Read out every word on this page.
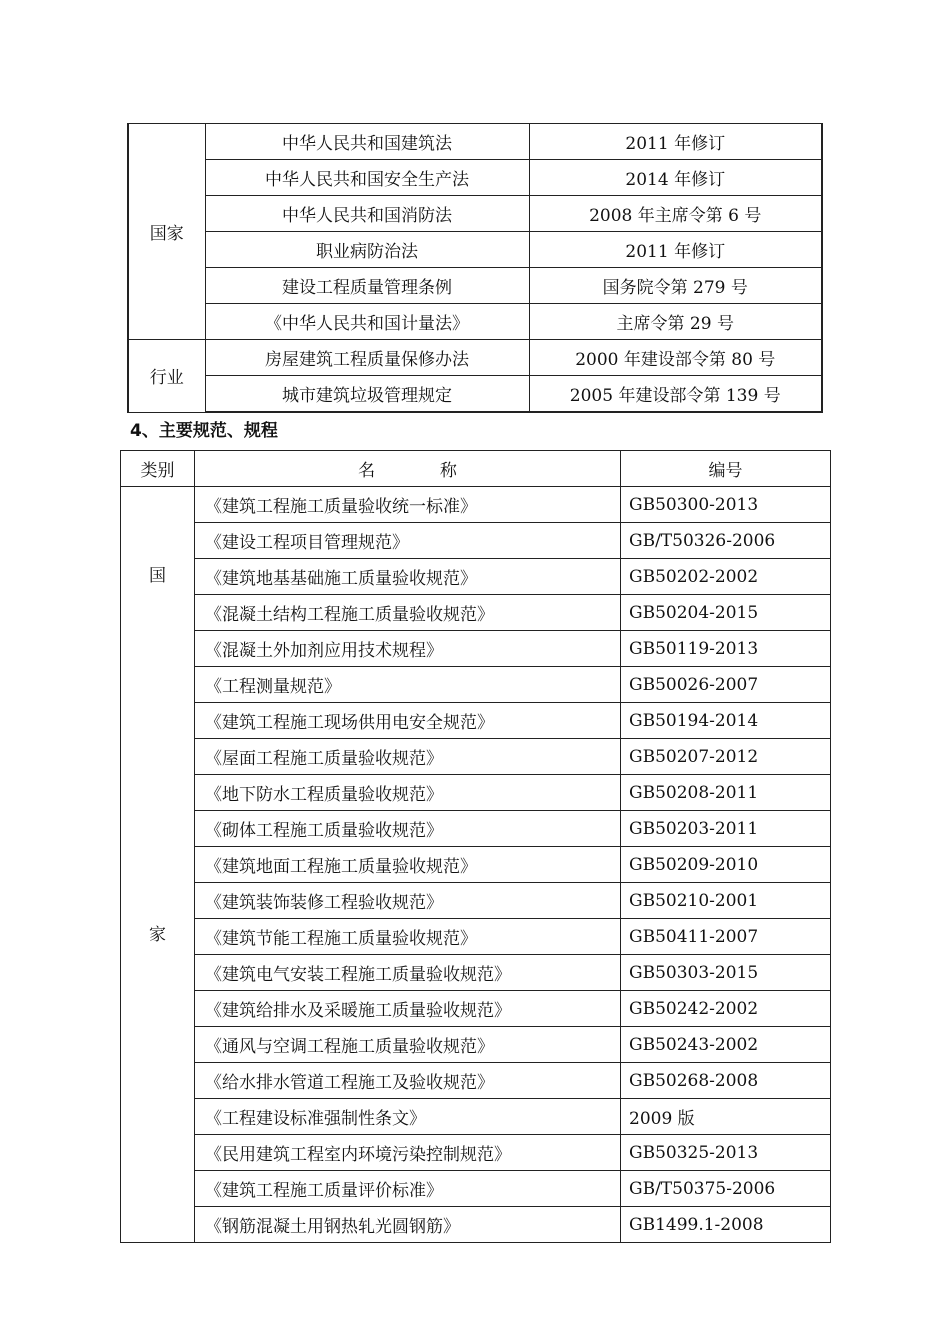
国家	中华人民共和国建筑法	2011 年修订
	中华人民共和国安全生产法	2014 年修订
	中华人民共和国消防法	2008 年主席令第 6 号
	职业病防治法	2011 年修订
	建设工程质量管理条例	国务院令第 279 号
	《中华人民共和国计量法》	主席令第 29 号
行业	房屋建筑工程质量保修办法	2000 年建设部令第 80 号
	城市建筑垃圾管理规定	2005 年建设部令第 139 号
4、主要规范、规程
类别	名            称	编号

国
家	《建筑工程施工质量验收统一标准》	GB50300-2013
	《建设工程项目管理规范》	GB/T50326-2006
	《建筑地基基础施工质量验收规范》	GB50202-2002
	《混凝土结构工程施工质量验收规范》	GB50204-2015
	《混凝土外加剂应用技术规程》	GB50119-2013
	《工程测量规范》	GB50026-2007
	《建筑工程施工现场供用电安全规范》	GB50194-2014
	《屋面工程施工质量验收规范》	GB50207-2012
	《地下防水工程质量验收规范》	GB50208-2011
	《砌体工程施工质量验收规范》	GB50203-2011
	《建筑地面工程施工质量验收规范》	GB50209-2010
	《建筑装饰装修工程验收规范》	GB50210-2001
	《建筑节能工程施工质量验收规范》	GB50411-2007
	《建筑电气安装工程施工质量验收规范》	GB50303-2015
	《建筑给排水及采暖施工质量验收规范》	GB50242-2002
	《通风与空调工程施工质量验收规范》	GB50243-2002
	《给水排水管道工程施工及验收规范》	GB50268-2008
	《工程建设标准强制性条文》	2009 版
	《民用建筑工程室内环境污染控制规范》	GB50325-2013
	《建筑工程施工质量评价标准》	GB/T50375-2006
	《钢筋混凝土用钢热轧光圆钢筋》	GB1499.1-2008
